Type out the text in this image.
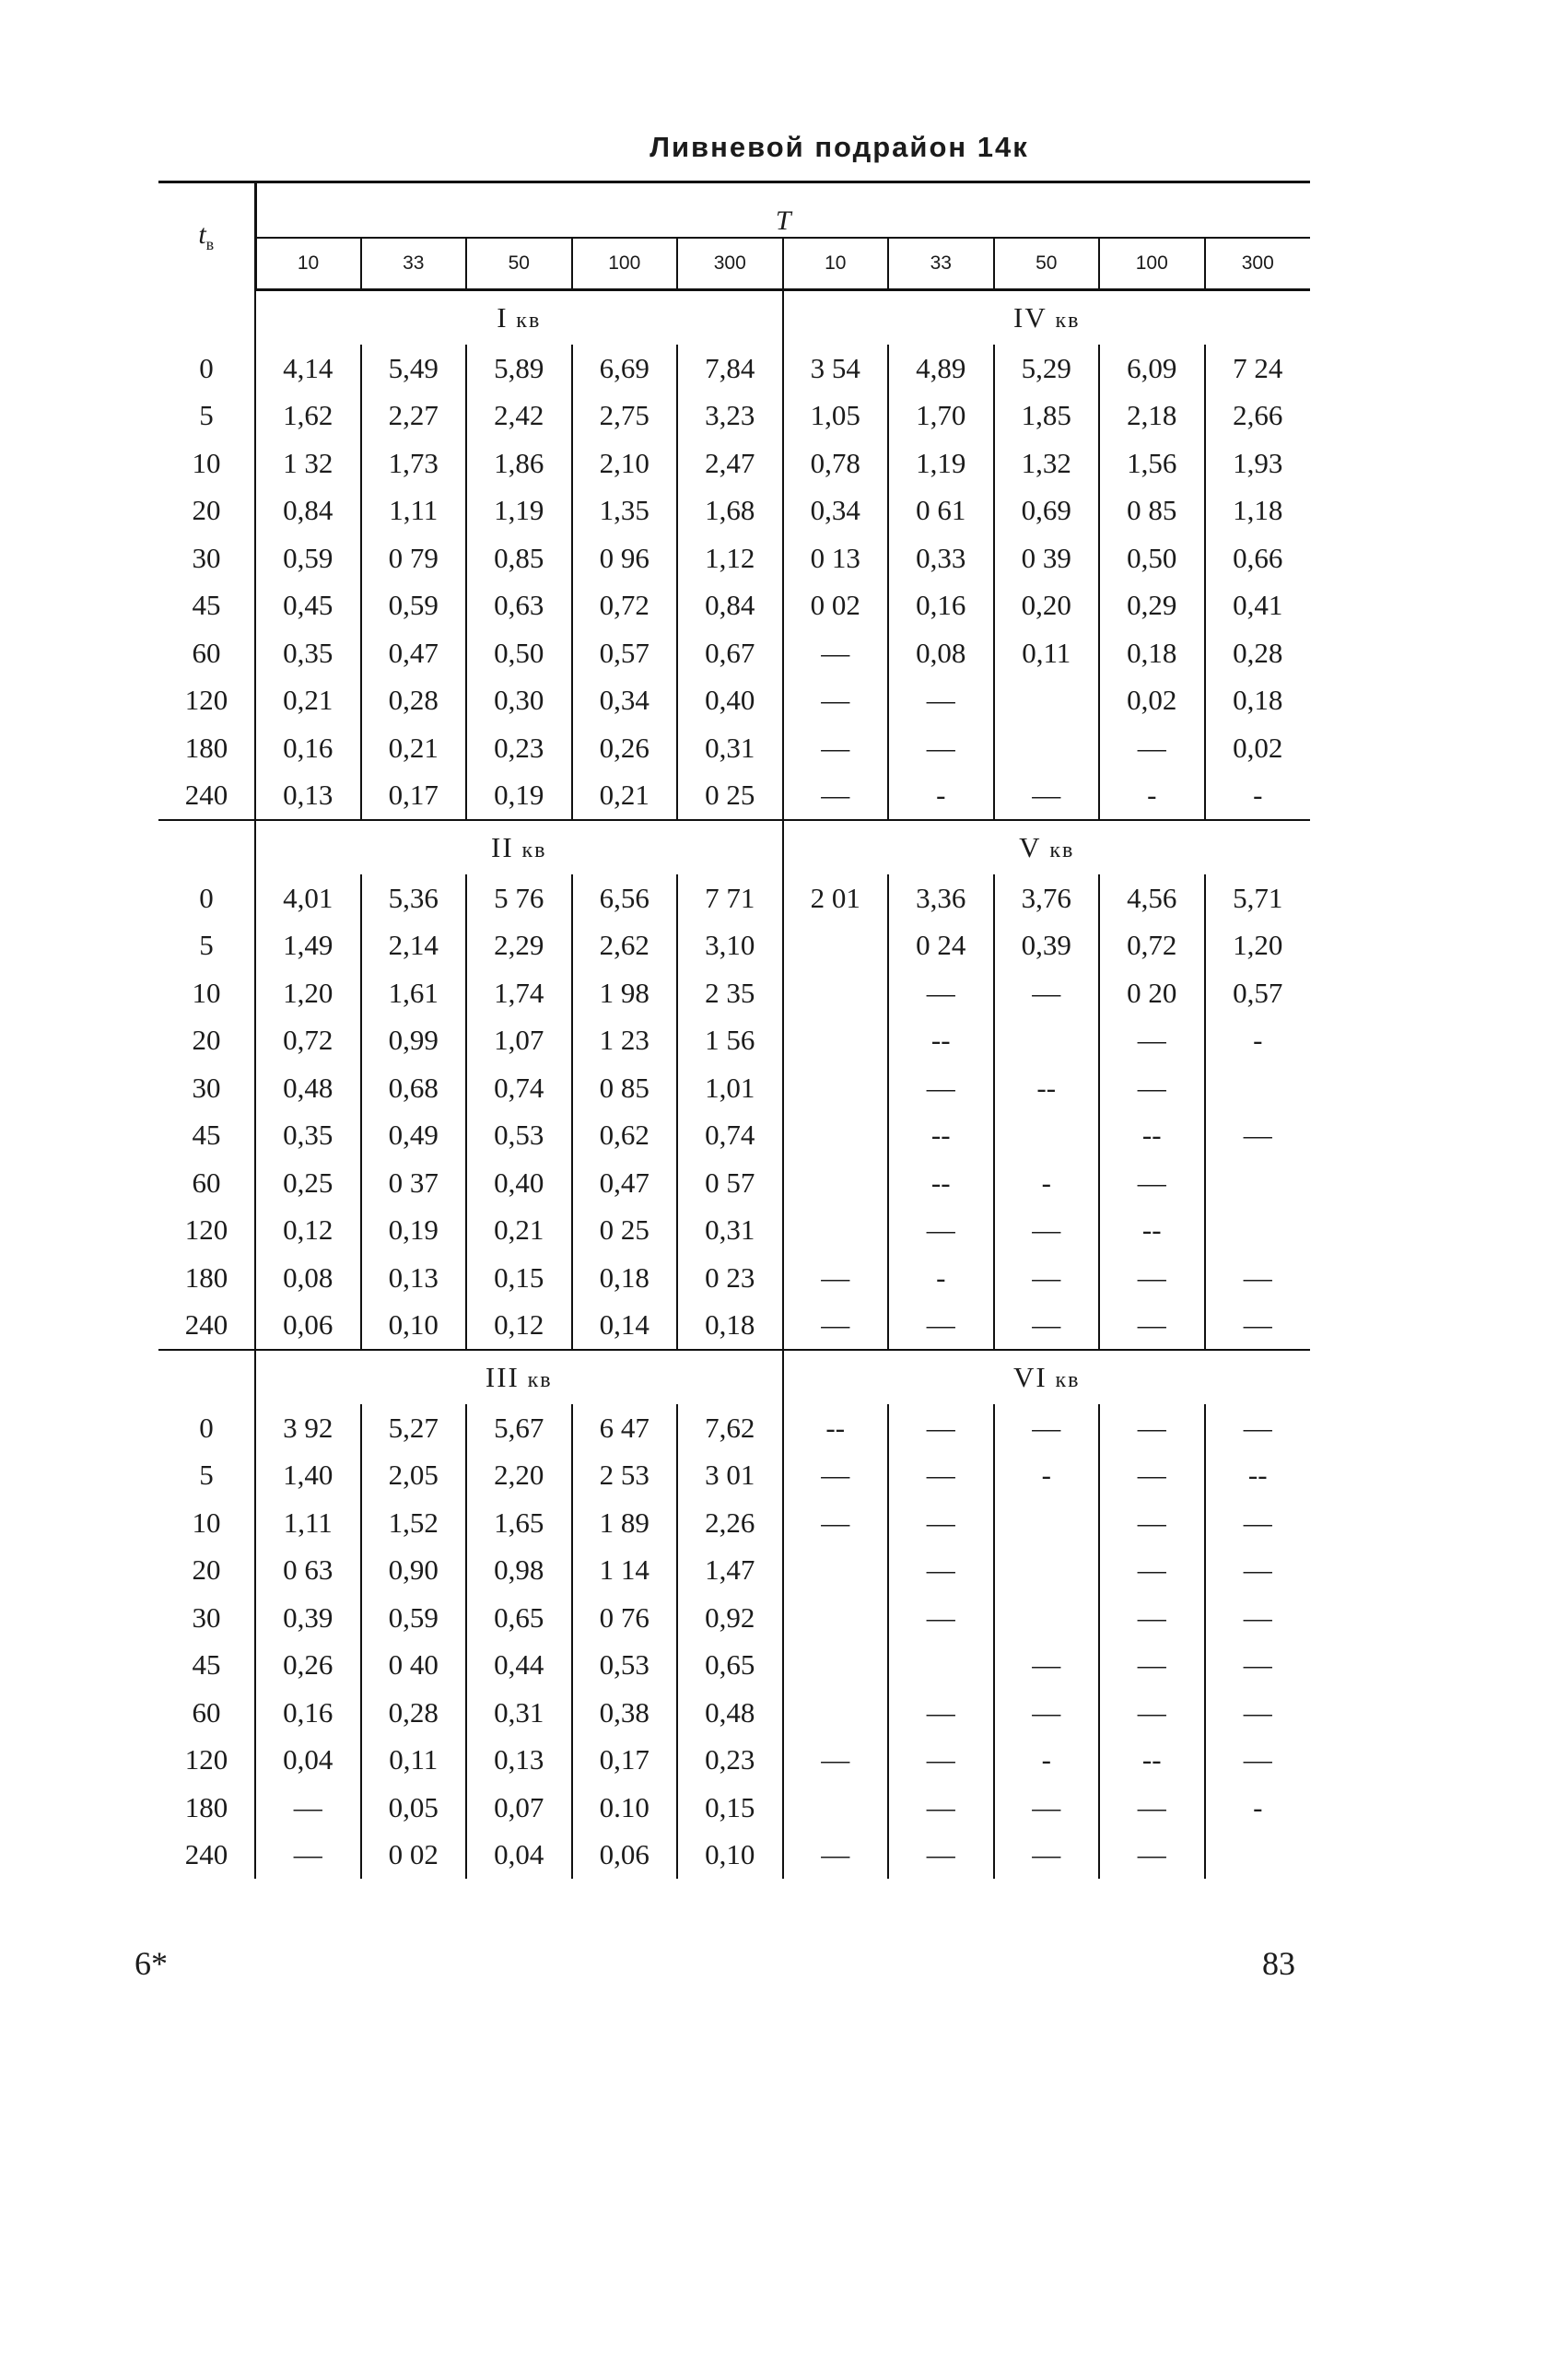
Ливневой подрайон 14к
$t_в$	T									
	10	33	50	100	300	10	33	50	100	300
	I кв					IV кв				
0	4,14	5,49	5,89	6,69	7,84	3 54	4,89	5,29	6,09	7 24
5	1,62	2,27	2,42	2,75	3,23	1,05	1,70	1,85	2,18	2,66
10	1 32	1,73	1,86	2,10	2,47	0,78	1,19	1,32	1,56	1,93
20	0,84	1,11	1,19	1,35	1,68	0,34	0 61	0,69	0 85	1,18
30	0,59	0 79	0,85	0 96	1,12	0 13	0,33	0 39	0,50	0,66
45	0,45	0,59	0,63	0,72	0,84	0 02	0,16	0,20	0,29	0,41
60	0,35	0,47	0,50	0,57	0,67	—	0,08	0,11	0,18	0,28
120	0,21	0,28	0,30	0,34	0,40	—	—		0,02	0,18
180	0,16	0,21	0,23	0,26	0,31	—	—		—	0,02
240	0,13	0,17	0,19	0,21	0 25	—	-	—	-	-
	II кв					V кв				
0	4,01	5,36	5 76	6,56	7 71	2 01	3,36	3,76	4,56	5,71
5	1,49	2,14	2,29	2,62	3,10		0 24	0,39	0,72	1,20
10	1,20	1,61	1,74	1 98	2 35		—	—	0 20	0,57
20	0,72	0,99	1,07	1 23	1 56		--		—	-
30	0,48	0,68	0,74	0 85	1,01		—	--	—	
45	0,35	0,49	0,53	0,62	0,74		--		--	—
60	0,25	0 37	0,40	0,47	0 57		--	-	—	
120	0,12	0,19	0,21	0 25	0,31		—	—	--	
180	0,08	0,13	0,15	0,18	0 23	—	-	—	—	—
240	0,06	0,10	0,12	0,14	0,18	—	—	—	—	—
	III кв					VI кв				
0	3 92	5,27	5,67	6 47	7,62	--	—	—	—	—
5	1,40	2,05	2,20	2 53	3 01	—	—	-	—	--
10	1,11	1,52	1,65	1 89	2,26	—	—		—	—
20	0 63	0,90	0,98	1 14	1,47		—		—	—
30	0,39	0,59	0,65	0 76	0,92		—		—	—
45	0,26	0 40	0,44	0,53	0,65			—	—	—
60	0,16	0,28	0,31	0,38	0,48		—	—	—	—
120	0,04	0,11	0,13	0,17	0,23	—	—	-	--	—
180	—	0,05	0,07	0.10	0,15		—	—	—	-
240	—	0 02	0,04	0,06	0,10	—	—	—	—	
6*	83
